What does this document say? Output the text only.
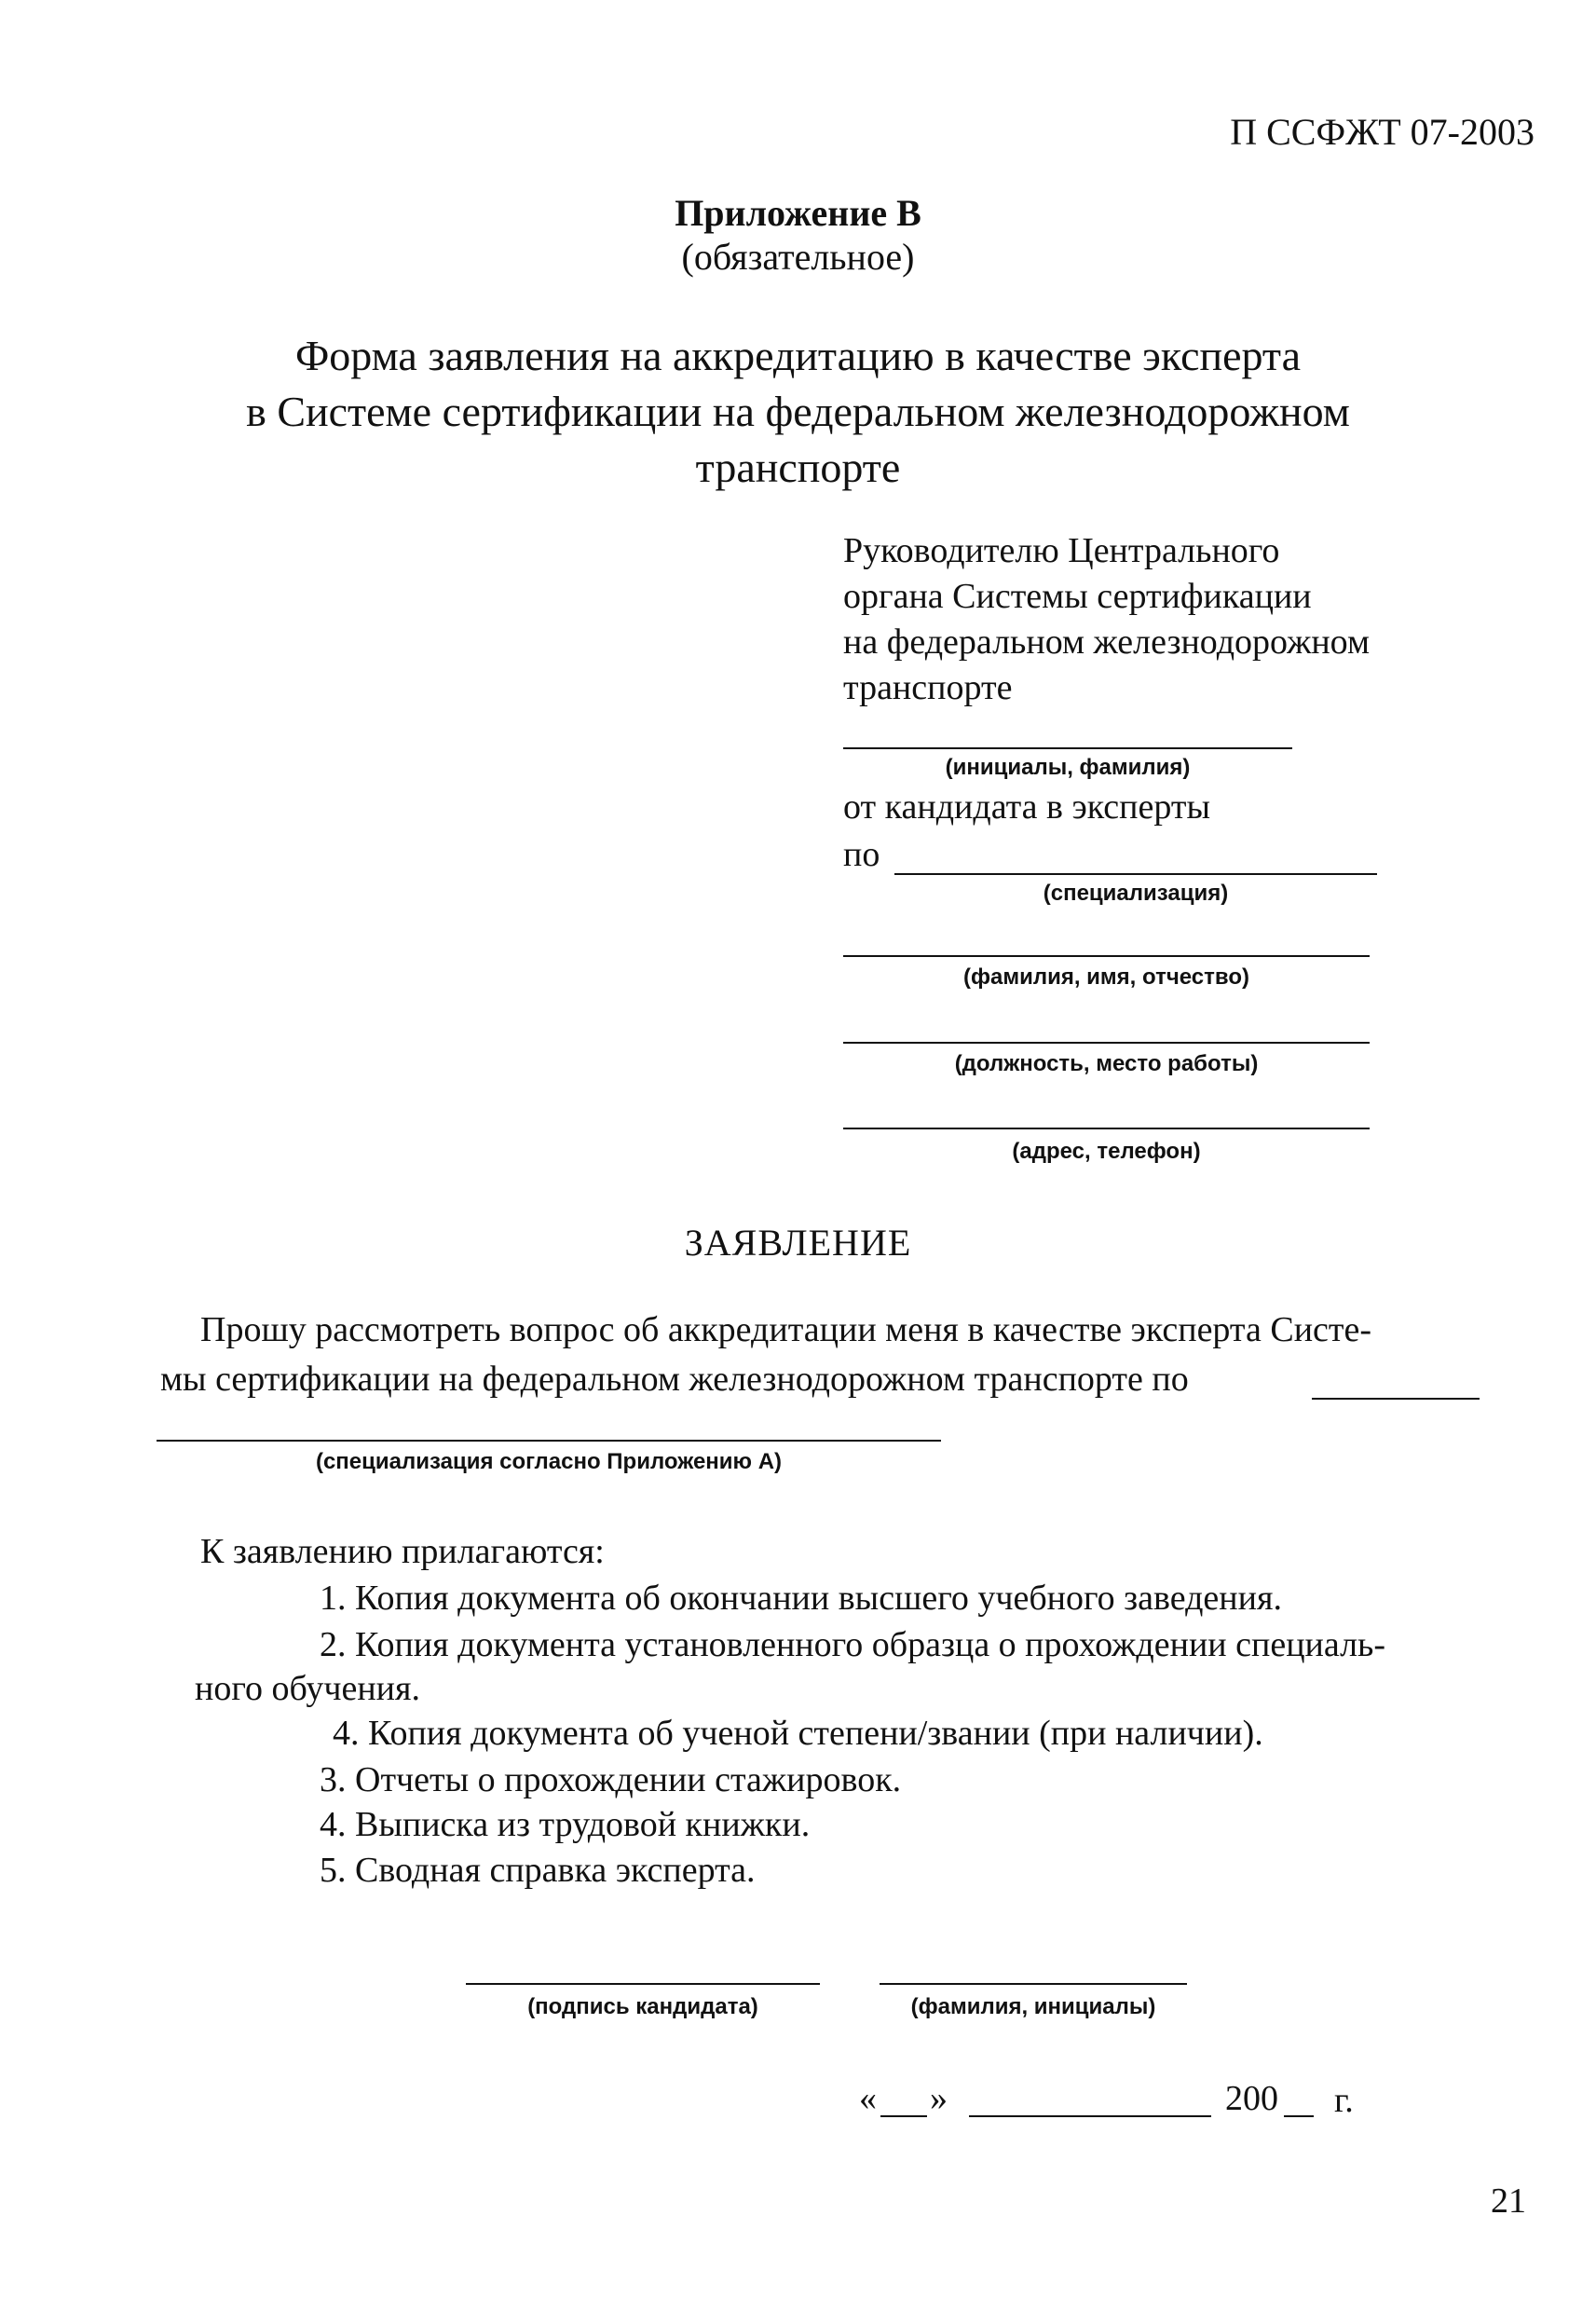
П ССФЖТ 07-2003
Приложение В
(обязательное)
Форма заявления на аккредитацию в качестве эксперта
в Системе сертификации на федеральном железнодорожном
транспорте
Руководителю Центрального
органа Системы сертификации
на федеральном железнодорожном
транспорте
(инициалы, фамилия)
от кандидата в эксперты
по
(специализация)
(фамилия, имя, отчество)
(должность, место работы)
(адрес, телефон)
ЗАЯВЛЕНИЕ
Прошу рассмотреть вопрос об аккредитации меня в качестве эксперта Систе-
мы сертификации на федеральном железнодорожном транспорте по
(специализация согласно Приложению А)
К заявлению прилагаются:
1. Копия документа об окончании высшего учебного заведения.
2. Копия документа установленного образца о прохождении специаль-
ного обучения.
4. Копия документа об ученой степени/звании (при наличии).
3. Отчеты о прохождении стажировок.
4. Выписка из трудовой книжки.
5. Сводная справка эксперта.
(подпись кандидата)	(фамилия, инициалы)
« »	200 г.
21
